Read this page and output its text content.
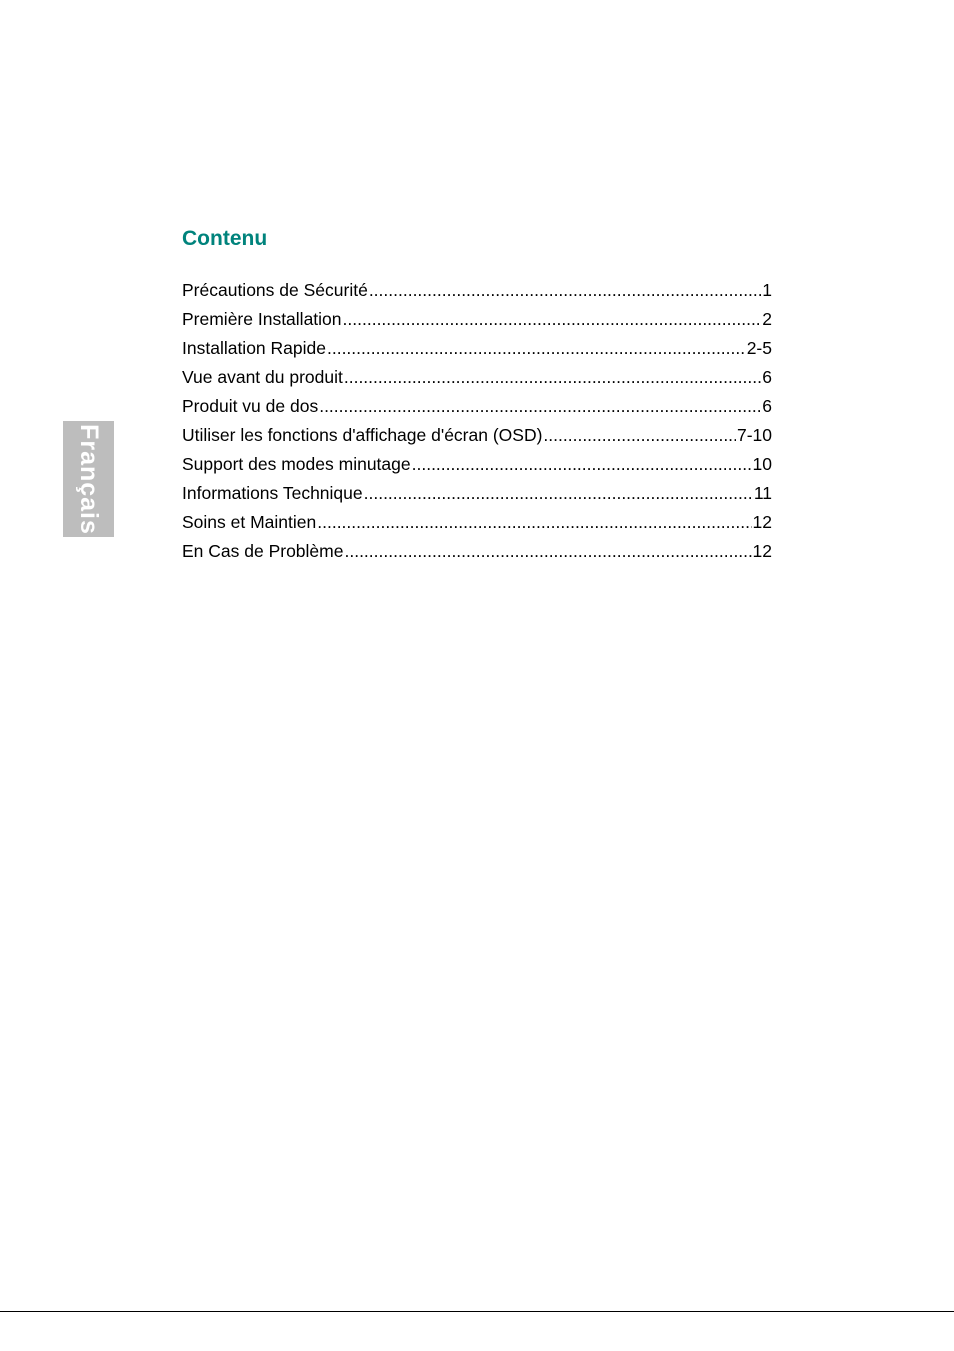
Français
Contenu
Précautions de Sécurité .....	1
Première Installation .....	2
Installation Rapide .....	2-5
Vue avant du produit .....	6
Produit vu de dos .....	6
Utiliser les fonctions d'affichage d'écran (OSD) .....	7-10
Support des modes minutage .....	10
Informations Technique .....	11
Soins et Maintien .....	12
En Cas de Problème .....	12
